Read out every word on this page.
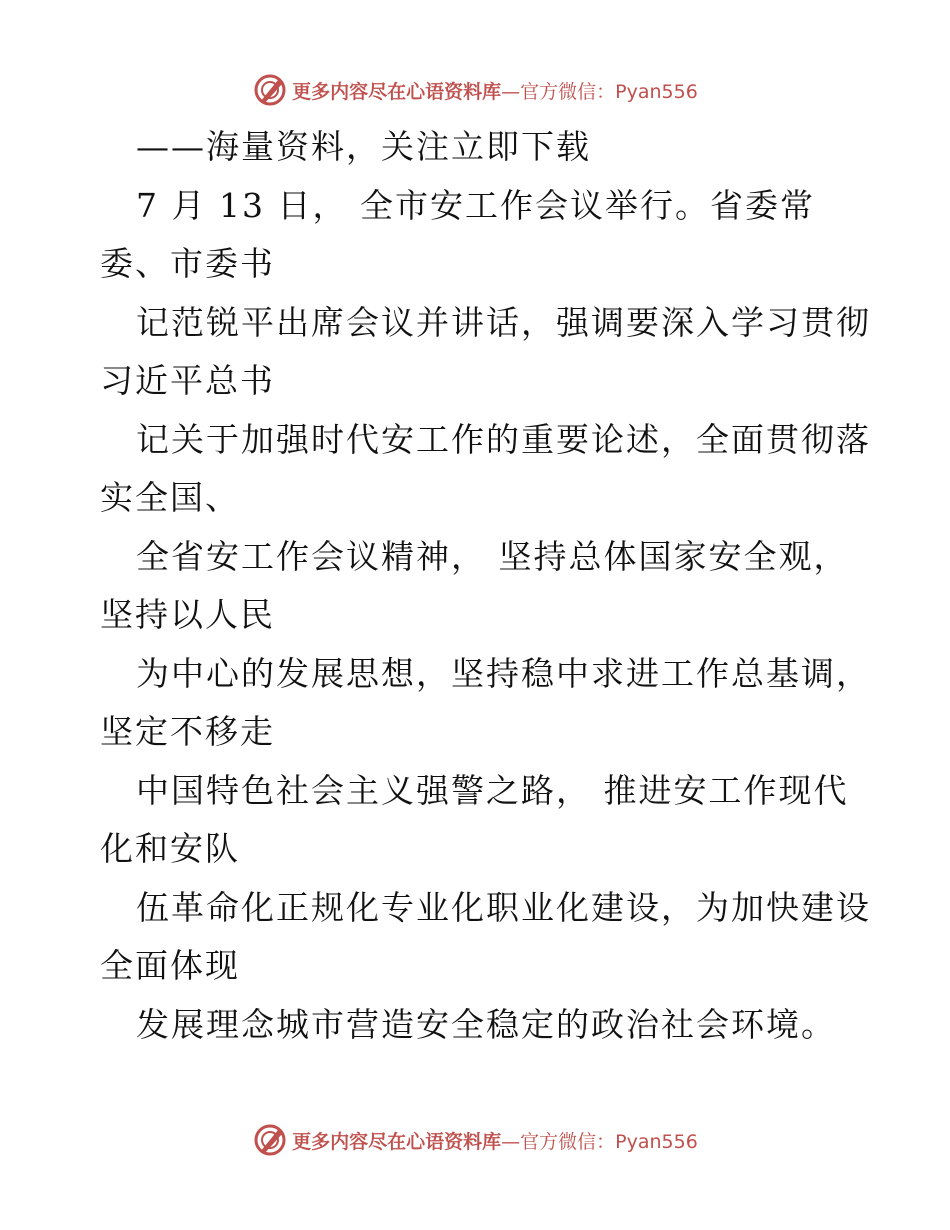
更多内容尽在心语资料库—官方微信：Pyan556
——海量资料，关注立即下载
7 月 13 日， 全市安工作会议举行。省委常
委、市委书
记范锐平出席会议并讲话，强调要深入学习贯彻
习近平总书
记关于加强时代安工作的重要论述，全面贯彻落
实全国、
全省安工作会议精神， 坚持总体国家安全观，
坚持以人民
为中心的发展思想，坚持稳中求进工作总基调，
坚定不移走
中国特色社会主义强警之路， 推进安工作现代
化和安队
伍革命化正规化专业化职业化建设，为加快建设
全面体现
发展理念城市营造安全稳定的政治社会环境。
更多内容尽在心语资料库—官方微信：Pyan556
